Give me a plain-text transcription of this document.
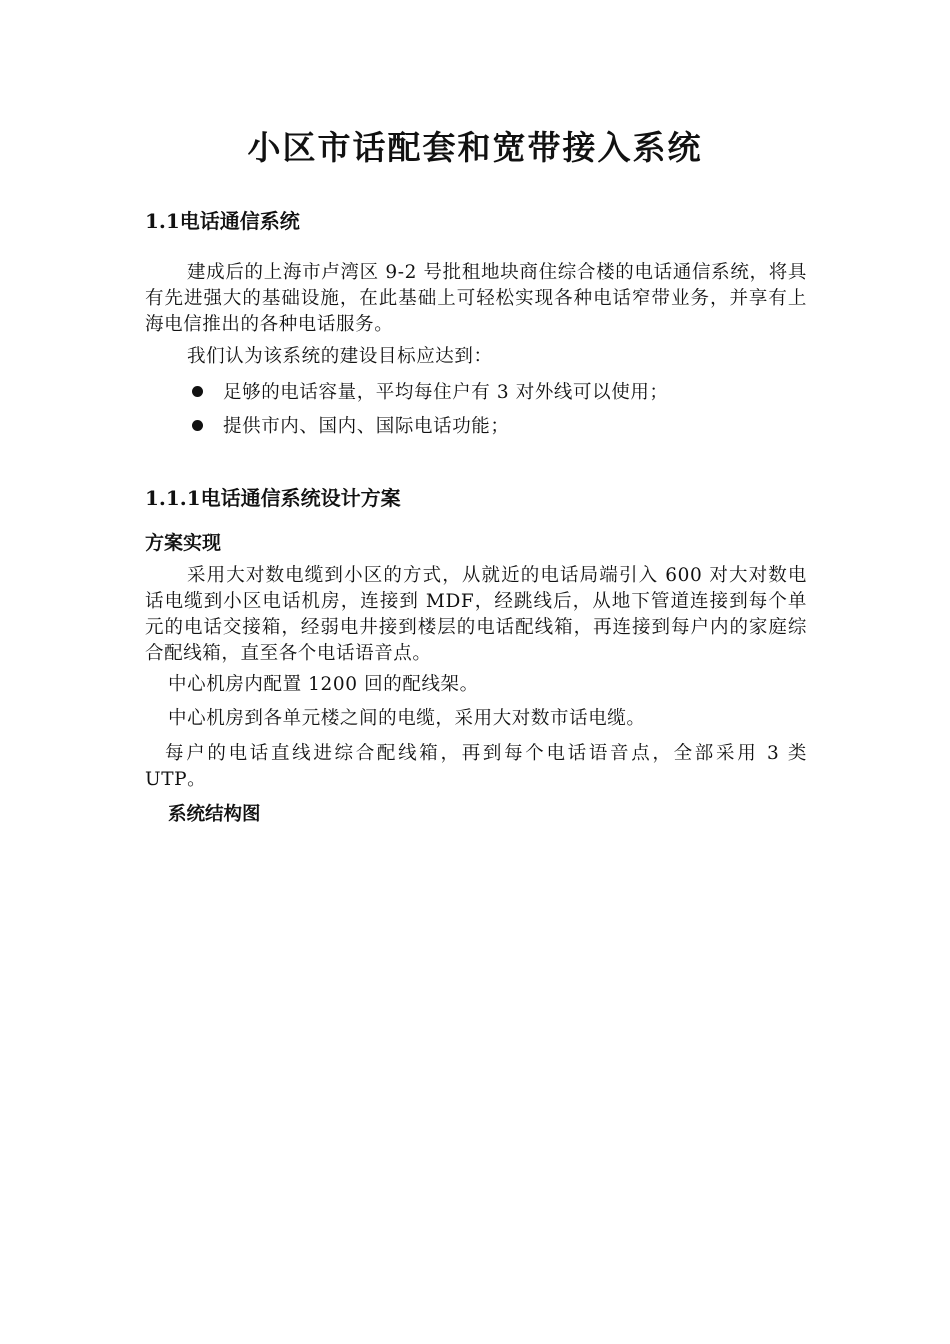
小区市话配套和宽带接入系统
1.1电话通信系统
建成后的上海市卢湾区 9-2 号批租地块商住综合楼的电话通信系统，将具有先进强大的基础设施，在此基础上可轻松实现各种电话窄带业务，并享有上海电信推出的各种电话服务。
我们认为该系统的建设目标应达到：
足够的电话容量，平均每住户有 3 对外线可以使用；
提供市内、国内、国际电话功能；
1.1.1电话通信系统设计方案
方案实现
采用大对数电缆到小区的方式，从就近的电话局端引入 600 对大对数电话电缆到小区电话机房，连接到 MDF，经跳线后，从地下管道连接到每个单元的电话交接箱，经弱电井接到楼层的电话配线箱，再连接到每户内的家庭综合配线箱，直至各个电话语音点。
中心机房内配置 1200 回的配线架。
中心机房到各单元楼之间的电缆，采用大对数市话电缆。
每户的电话直线进综合配线箱，再到每个电话语音点，全部采用 3 类 UTP。
系统结构图
